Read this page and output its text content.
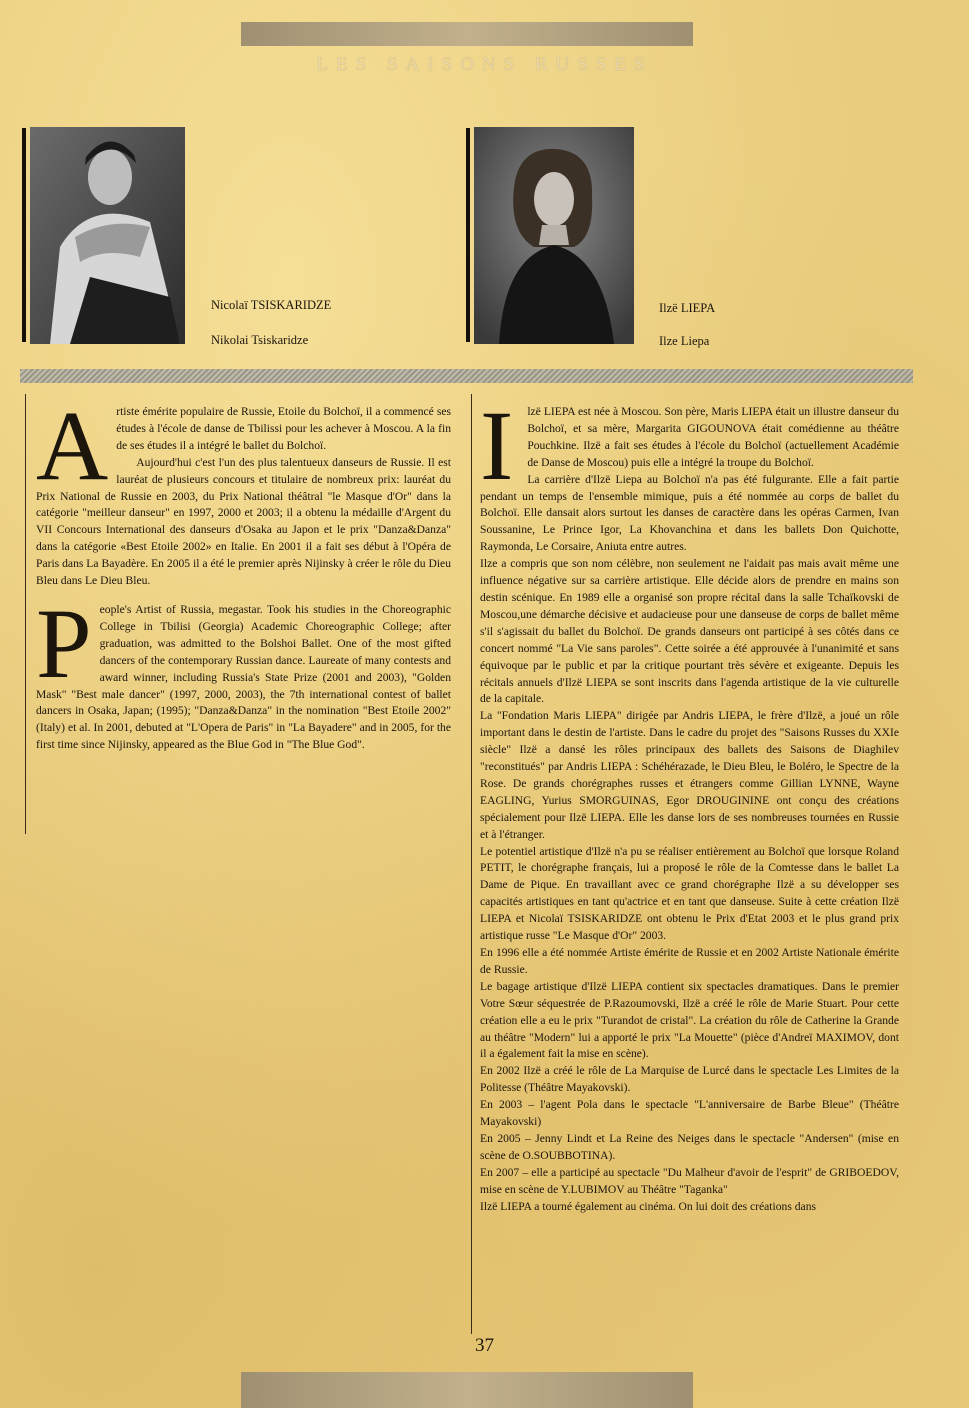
LES SAISONS RUSSES
Nicolaï TSISKARIDZE
Nikolai Tsiskaridze
Ilzë LIEPA
Ilze Liepa
A rtiste émérite populaire de Russie, Etoile du Bolchoï, il a commencé ses études à l'école de danse de Tbilissi pour les achever à Moscou. A la fin de ses études il a intégré le ballet du Bolchoï.

Aujourd'hui c'est l'un des plus talentueux danseurs de Russie. Il est lauréat de plusieurs concours et titulaire de nombreux prix: lauréat du Prix National de Russie en 2003, du Prix National théâtral "le Masque d'Or" dans la catégorie "meilleur danseur" en 1997, 2000 et 2003; il a obtenu la médaille d'Argent du VII Concours International des danseurs d'Osaka au Japon et le prix "Danza&Danza" dans la catégorie «Best Etoile 2002» en Italie. En 2001 il a fait ses début à l'Opéra de Paris dans La Bayadère. En 2005 il a été le premier après Nijinsky à créer le rôle du Dieu Bleu dans Le Dieu Bleu.

P eople's Artist of Russia, megastar. Took his studies in the Choreographic College in Tbilisi (Georgia) Academic Choreographic College; after graduation, was admitted to the Bolshoi Ballet. One of the most gifted dancers of the contemporary Russian dance. Laureate of many contests and award winner, including Russia's State Prize (2001 and 2003), "Golden Mask" "Best male dancer" (1997, 2000, 2003), the 7th international contest of ballet dancers in Osaka, Japan; (1995); "Danza&Danza" in the nomination "Best Etoile 2002" (Italy) et al. In 2001, debuted at "L'Opera de Paris" in "La Bayadere" and in 2005, for the first time since Nijinsky, appeared as the Blue God in "The Blue God".

I	lzë LIEPA est née à Moscou. Son père, Maris LIEPA était un illustre danseur du Bolchoï, et sa mère, Margarita GIGOUNOVA était comédienne au théâtre Pouchkine. Ilzë a fait ses études à l'école du Bolchoï (actuellement Académie de Danse de Moscou) puis elle a intégré la troupe du Bolchoï.

La carrière d'Ilzë Liepa au Bolchoï n'a pas été fulgurante. Elle a fait partie pendant un temps de l'ensemble mimique, puis a été nommée au corps de ballet du Bolchoï. Elle dansait alors surtout les danses de caractère dans les opéras Carmen, Ivan Soussanine, Le Prince Igor, La Khovanchina et dans les ballets Don Quichotte, Raymonda, Le Corsaire, Aniuta entre autres.

Ilze a compris que son nom célèbre, non seulement ne l'aidait pas mais avait même une influence négative sur sa carrière artistique. Elle décide alors de prendre en mains son destin scénique. En 1989 elle a organisé son propre récital dans la salle Tchaïkovski de Moscou,une démarche décisive et audacieuse pour une danseuse de corps de ballet même s'il s'agissait du ballet du Bolchoï. De grands danseurs ont participé à ses côtés dans ce concert nommé "La Vie sans paroles". Cette soirée a été approuvée à l'unanimité et sans équivoque par le public et par la critique pourtant très sévère et exigeante. Depuis les récitals annuels d'Ilzë LIEPA se sont inscrits dans l'agenda artistique de la vie culturelle de la capitale.

La "Fondation Maris LIEPA" dirigée par Andris LIEPA, le frère d'Ilzë, a joué un rôle important dans le destin de l'artiste. Dans le cadre du projet des "Saisons Russes du XXIe siècle" Ilzë a dansé les rôles principaux des ballets des Saisons de Diaghilev "reconstitués" par Andris LIEPA : Schéhérazade, le Dieu Bleu, le Boléro, le Spectre de la Rose. De grands chorégraphes russes et étrangers comme Gillian LYNNE, Wayne EAGLING, Yurius SMORGUINAS, Egor DROUGININE ont conçu des créations spécialement pour Ilzë LIEPA. Elle les danse lors de ses nombreuses tournées en Russie et à l'étranger.

Le potentiel artistique d'Ilzë n'a pu se réaliser entièrement au Bolchoï que lorsque Roland PETIT, le chorégraphe français, lui a proposé le rôle de la Comtesse dans le ballet La Dame de Pique. En travaillant avec ce grand chorégraphe Ilzë a su développer ses capacités artistiques en tant qu'actrice et en tant que danseuse. Suite à cette création Ilzë LIEPA et Nicolaï TSISKARIDZE ont obtenu le Prix d'Etat 2003 et le plus grand prix artistique russe "Le Masque d'Or" 2003.

En 1996 elle a été nommée Artiste émérite de Russie et en 2002 Artiste Nationale émérite de Russie.

Le bagage artistique d'Ilzë LIEPA contient six spectacles dramatiques. Dans le premier Votre Sœur séquestrée de P.Razoumovski, Ilzë a créé le rôle de Marie Stuart. Pour cette création elle a eu le prix "Turandot de cristal". La création du rôle de Catherine la Grande au théâtre "Modern" lui a apporté le prix "La Mouette" (pièce d'Andreï MAXIMOV, dont il a également fait la mise en scène).

En 2002 Ilzë a créé le rôle de La Marquise de Lurcé dans le spectacle Les Limites de la Politesse (Théâtre Mayakovski).

En 2003 – l'agent Pola dans le spectacle "L'anniversaire de Barbe Bleue" (Théâtre Mayakovski)

En 2005 – Jenny Lindt et La Reine des Neiges dans le spectacle "Andersen" (mise en scène de O.SOUBBOTINA).

En 2007 – elle a participé au spectacle "Du Malheur d'avoir de l'esprit" de GRIBOEDOV, mise en scène de Y.LUBIMOV au Théâtre "Taganka"

Ilzë LIEPA a tourné également au cinéma. On lui doit des créations dans

37
